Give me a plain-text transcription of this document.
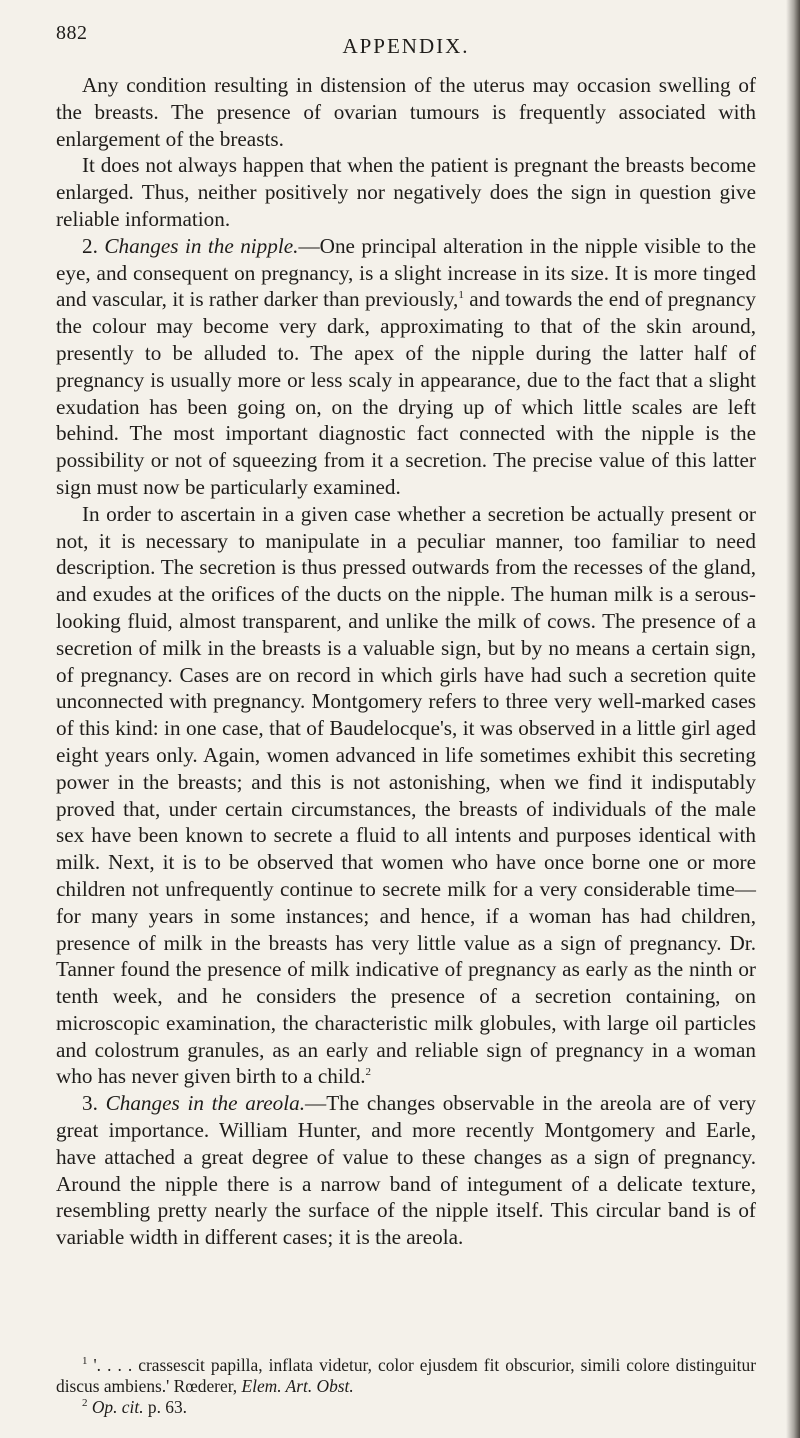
882
APPENDIX.

Any condition resulting in distension of the uterus may occasion swelling of the breasts. The presence of ovarian tumours is frequently associated with enlargement of the breasts.

It does not always happen that when the patient is pregnant the breasts become enlarged. Thus, neither positively nor negatively does the sign in question give reliable information.

2. Changes in the nipple.—One principal alteration in the nipple visible to the eye, and consequent on pregnancy, is a slight increase in its size. It is more tinged and vascular, it is rather darker than previously,$^1$ and towards the end of pregnancy the colour may become very dark, approximating to that of the skin around, presently to be alluded to. The apex of the nipple during the latter half of pregnancy is usually more or less scaly in appearance, due to the fact that a slight exudation has been going on, on the drying up of which little scales are left behind. The most important diagnostic fact connected with the nipple is the possibility or not of squeezing from it a secretion. The precise value of this latter sign must now be particularly examined.

In order to ascertain in a given case whether a secretion be actually present or not, it is necessary to manipulate in a peculiar manner, too familiar to need description. The secretion is thus pressed outwards from the recesses of the gland, and exudes at the orifices of the ducts on the nipple. The human milk is a serous-looking fluid, almost transparent, and unlike the milk of cows. The presence of a secretion of milk in the breasts is a valuable sign, but by no means a certain sign, of pregnancy. Cases are on record in which girls have had such a secretion quite unconnected with pregnancy. Montgomery refers to three very well-marked cases of this kind: in one case, that of Baudelocque's, it was observed in a little girl aged eight years only. Again, women advanced in life sometimes exhibit this secreting power in the breasts; and this is not astonishing, when we find it indisputably proved that, under certain circumstances, the breasts of individuals of the male sex have been known to secrete a fluid to all intents and purposes identical with milk. Next, it is to be observed that women who have once borne one or more children not unfrequently continue to secrete milk for a very considerable time—for many years in some instances; and hence, if a woman has had children, presence of milk in the breasts has very little value as a sign of pregnancy. Dr. Tanner found the presence of milk indicative of pregnancy as early as the ninth or tenth week, and he considers the presence of a secretion containing, on microscopic examination, the characteristic milk globules, with large oil particles and colostrum granules, as an early and reliable sign of pregnancy in a woman who has never given birth to a child.$^2$

3. Changes in the areola.—The changes observable in the areola are of very great importance. William Hunter, and more recently Montgomery and Earle, have attached a great degree of value to these changes as a sign of pregnancy. Around the nipple there is a narrow band of integument of a delicate texture, resembling pretty nearly the surface of the nipple itself. This circular band is of variable width in different cases; it is the areola.

$^1$ '. . . . crassescit papilla, inflata videtur, color ejusdem fit obscurior, simili colore distinguitur discus ambiens.' Rœderer, Elem. Art. Obst.

$^2$ Op. cit. p. 63.
